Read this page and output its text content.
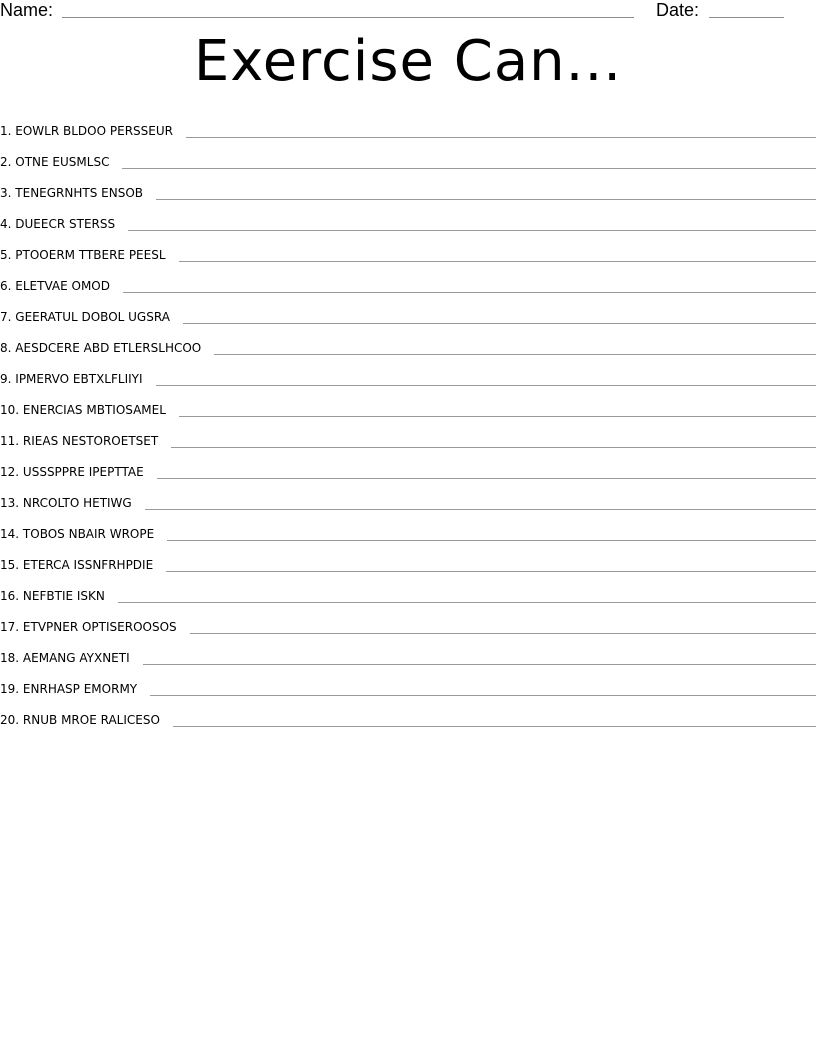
Name:	Date:
Exercise Can...
1. EOWLR BLDOO PERSSEUR
2. OTNE EUSMLSC
3. TENEGRNHTS ENSOB
4. DUEECR STERSS
5. PTOOERM TTBERE PEESL
6. ELETVAE OMOD
7. GEERATUL DOBOL UGSRA
8. AESDCERE ABD ETLERSLHCOO
9. IPMERVO EBTXLFLIIYI
10. ENERCIAS MBTIOSAMEL
11. RIEAS NESTOROETSET
12. USSSPPRE IPEPTTAE
13. NRCOLTO HETIWG
14. TOBOS NBAIR WROPE
15. ETERCA ISSNFRHPDIE
16. NEFBTIE ISKN
17. ETVPNER OPTISEROOSOS
18. AEMANG AYXNETI
19. ENRHASP EMORMY
20. RNUB MROE RALICESO
